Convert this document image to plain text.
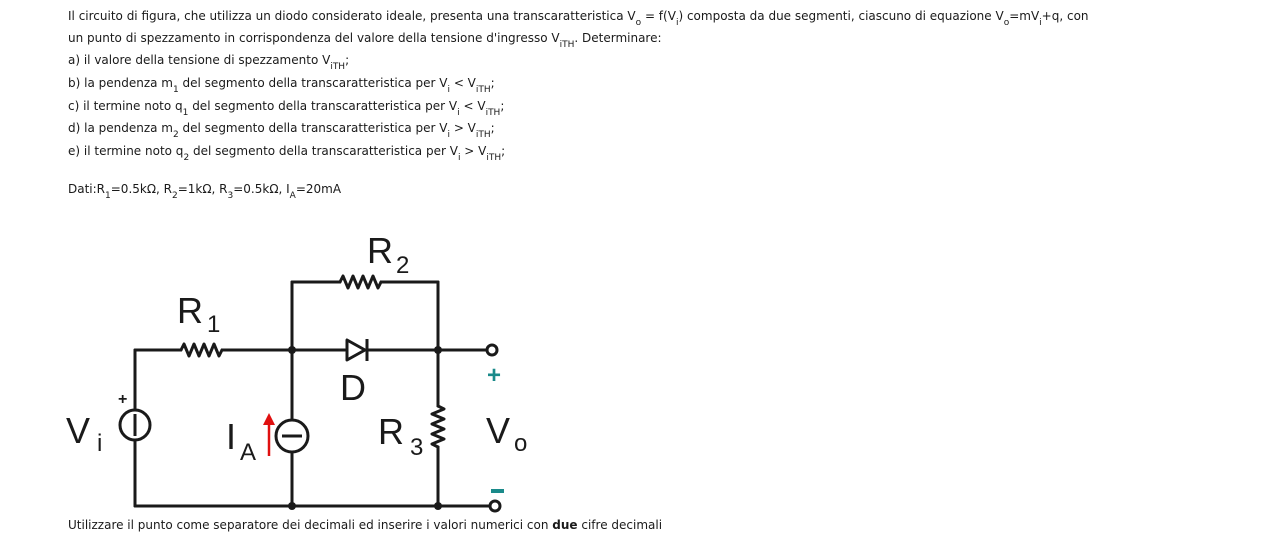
Il circuito di figura, che utilizza un diodo considerato ideale, presenta una transcaratteristica $V_o = f(V_i)$ composta da due segmenti, ciascuno di equazione $V_o=mV_i+q$, con
un punto di spezzamento in corrispondenza del valore della tensione d'ingresso $V_{iTH}$. Determinare:
a) il valore della tensione di spezzamento $V_{iTH}$;
b) la pendenza $m_1$ del segmento della transcaratteristica per $V_i < V_{iTH}$;
c) il termine noto $q_1$ del segmento della transcaratteristica per $V_i < V_{iTH}$;
d) la pendenza $m_2$ del segmento della transcaratteristica per $V_i > V_{iTH}$;
e) il termine noto $q_2$ del segmento della transcaratteristica per $V_i > V_{iTH}$;
$Dati:R_1=0.5k\Omega$, $R_2=1k\Omega$, $R_3=0.5k\Omega$, $I_A=20mA$
+
+
R 1
R 2
D
R 3
I A
V i	V o
Utilizzare il punto come separatore dei decimali ed inserire i valori numerici con due cifre decimali
